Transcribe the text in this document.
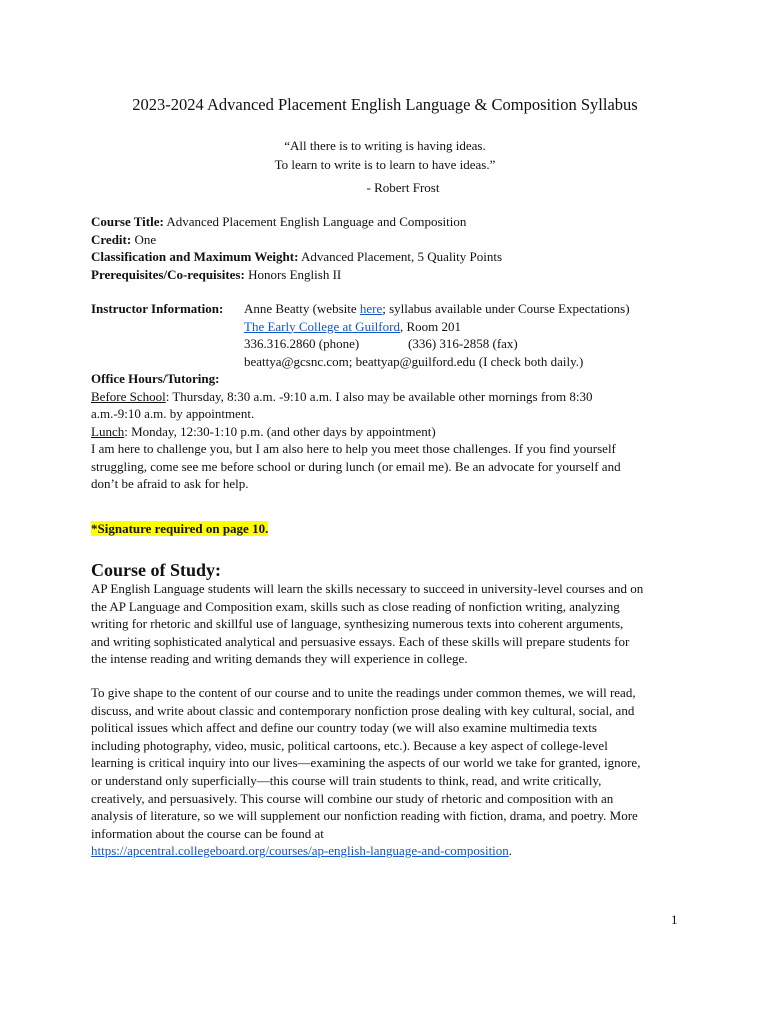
2023-2024 Advanced Placement English Language & Composition Syllabus
“All there is to writing is having ideas.
To learn to write is to learn to have ideas.”
- Robert Frost
Course Title: Advanced Placement English Language and Composition
Credit: One
Classification and Maximum Weight: Advanced Placement, 5 Quality Points
Prerequisites/Co-requisites: Honors English II
Instructor Information: Anne Beatty (website here; syllabus available under Course Expectations)
The Early College at Guilford, Room 201
336.316.2860 (phone)	(336) 316-2858 (fax)
beattya@gcsnc.com; beattyap@guilford.edu (I check both daily.)
Office Hours/Tutoring:
Before School: Thursday, 8:30 a.m. -9:10 a.m. I also may be available other mornings from 8:30
a.m.-9:10 a.m. by appointment.
Lunch: Monday, 12:30-1:10 p.m. (and other days by appointment)
I am here to challenge you, but I am also here to help you meet those challenges. If you find yourself
struggling, come see me before school or during lunch (or email me). Be an advocate for yourself and
don’t be afraid to ask for help.
*Signature required on page 10.
Course of Study:
AP English Language students will learn the skills necessary to succeed in university-level courses and on
the AP Language and Composition exam, skills such as close reading of nonfiction writing, analyzing
writing for rhetoric and skillful use of language, synthesizing numerous texts into coherent arguments,
and writing sophisticated analytical and persuasive essays. Each of these skills will prepare students for
the intense reading and writing demands they will experience in college.
To give shape to the content of our course and to unite the readings under common themes, we will read,
discuss, and write about classic and contemporary nonfiction prose dealing with key cultural, social, and
political issues which affect and define our country today (we will also examine multimedia texts
including photography, video, music, political cartoons, etc.). Because a key aspect of college-level
learning is critical inquiry into our lives—examining the aspects of our world we take for granted, ignore,
or understand only superficially—this course will train students to think, read, and write critically,
creatively, and persuasively. This course will combine our study of rhetoric and composition with an
analysis of literature, so we will supplement our nonfiction reading with fiction, drama, and poetry. More
information about the course can be found at
https://apcentral.collegeboard.org/courses/ap-english-language-and-composition.
1
